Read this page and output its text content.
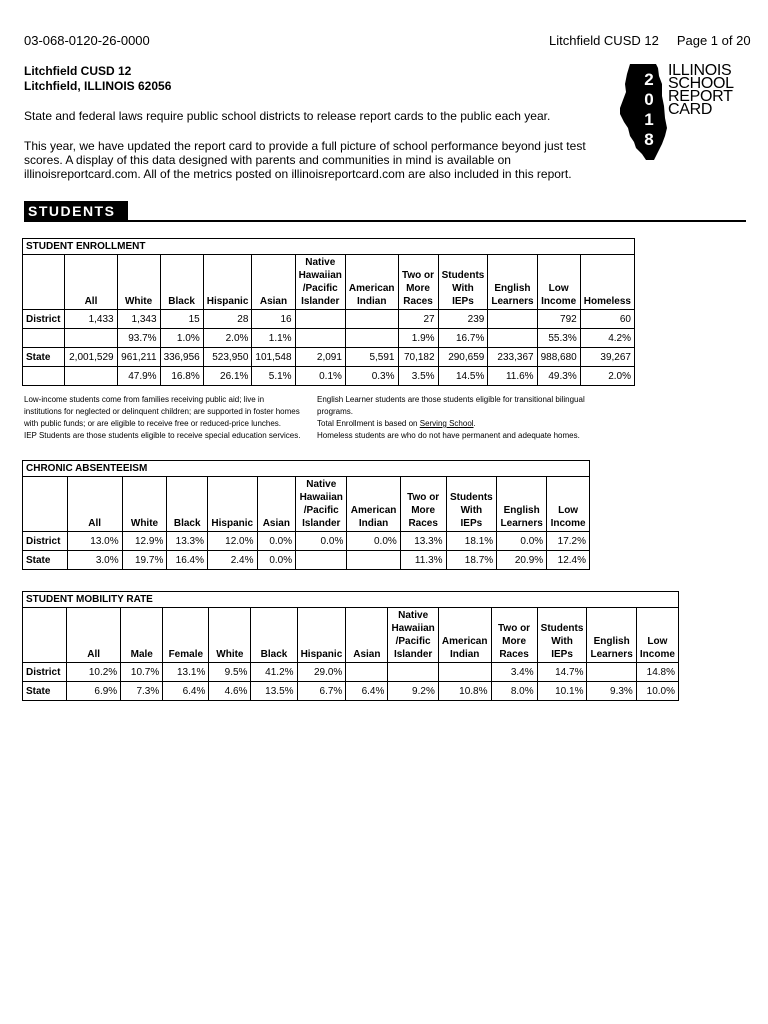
03-068-0120-26-0000	Litchfield CUSD 12 Page 1 of 20
Litchfield CUSD 12
Litchfield, ILLINOIS 62056
State and federal laws require public school districts to release report cards to the public each year.
This year, we have updated the report card to provide a full picture of school performance beyond just test scores. A display of this data designed with parents and communities in mind is available on illinoisreportcard.com. All of the metrics posted on illinoisreportcard.com are also included in this report.
2
0
1
8
ILLINOIS
SCHOOL
REPORT
CARD
STUDENTS
STUDENT ENROLLMENT												
	All	White	Black	Hispanic	Asian	Native Hawaiian /Pacific Islander	American Indian	Two or More Races	Students With IEPs	English Learners	Low Income	Homeless
District	1,433	1,343	15	28	16			27	239		792	60
		93.7%	1.0%	2.0%	1.1%			1.9%	16.7%		55.3%	4.2%
State	2,001,529	961,211	336,956	523,950	101,548	2,091	5,591	70,182	290,659	233,367	988,680	39,267
		47.9%	16.8%	26.1%	5.1%	0.1%	0.3%	3.5%	14.5%	11.6%	49.3%	2.0%
Low-income students come from families receiving public aid; live in
institutions for neglected or delinquent children; are supported in foster homes
with public funds; or are eligible to receive free or reduced-price lunches.
IEP Students are those students eligible to receive special education services.
English Learner students are those students eligible for transitional bilingual programs.
Total Enrollment is based on Serving School.
Homeless students are who do not have permanent and adequate homes.
CHRONIC ABSENTEEISM											
	All	White	Black	Hispanic	Asian	Native Hawaiian /Pacific Islander	American Indian	Two or More Races	Students With IEPs	English Learners	Low Income
District	13.0%	12.9%	13.3%	12.0%	0.0%	0.0%	0.0%	13.3%	18.1%	0.0%	17.2%
State	3.0%	19.7%	16.4%	2.4%	0.0%			11.3%	18.7%	20.9%	12.4%
STUDENT MOBILITY RATE													
	All	Male	Female	White	Black	Hispanic	Asian	Native Hawaiian /Pacific Islander	American Indian	Two or More Races	Students With IEPs	English Learners	Low Income
District	10.2%	10.7%	13.1%	9.5%	41.2%	29.0%				3.4%	14.7%		14.8%
State	6.9%	7.3%	6.4%	4.6%	13.5%	6.7%	6.4%	9.2%	10.8%	8.0%	10.1%	9.3%	10.0%
